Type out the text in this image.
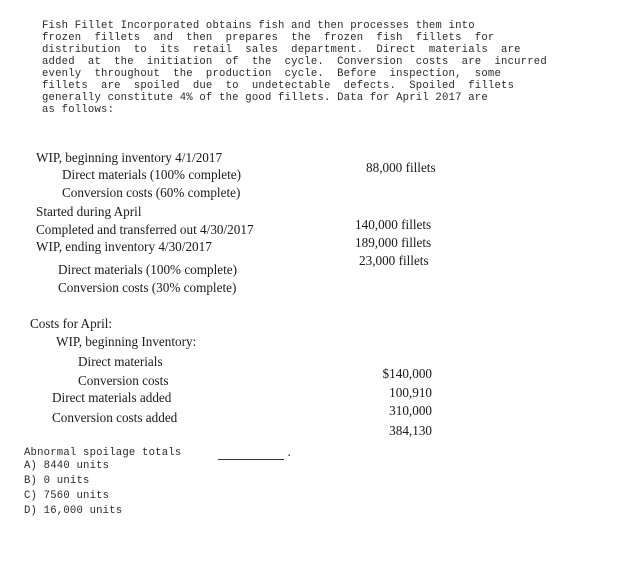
Fish Fillet Incorporated obtains fish and then processes them into
frozen  fillets  and  then  prepares  the  frozen  fish  fillets  for
distribution  to  its  retail  sales  department.  Direct  materials  are
added  at  the  initiation  of  the  cycle.  Conversion  costs  are  incurred
evenly  throughout  the  production  cycle.  Before  inspection,  some
fillets  are  spoiled  due  to  undetectable  defects.  Spoiled  fillets
generally constitute 4% of the good fillets. Data for April 2017 are
as follows:
WIP, beginning inventory 4/1/2017
88,000 fillets
Direct materials (100% complete)
Conversion costs (60% complete)
Started during April
140,000 fillets
Completed and transferred out 4/30/2017
189,000 fillets
WIP, ending inventory 4/30/2017
23,000 fillets
Direct materials (100% complete)
Conversion costs (30% complete)
Costs for April:
WIP, beginning Inventory:
Direct materials
$140,000
Conversion costs
100,910
Direct materials added
310,000
Conversion costs added
384,130
Abnormal spoilage totals	.
A) 8440 units
B) 0 units
C) 7560 units
D) 16,000 units
